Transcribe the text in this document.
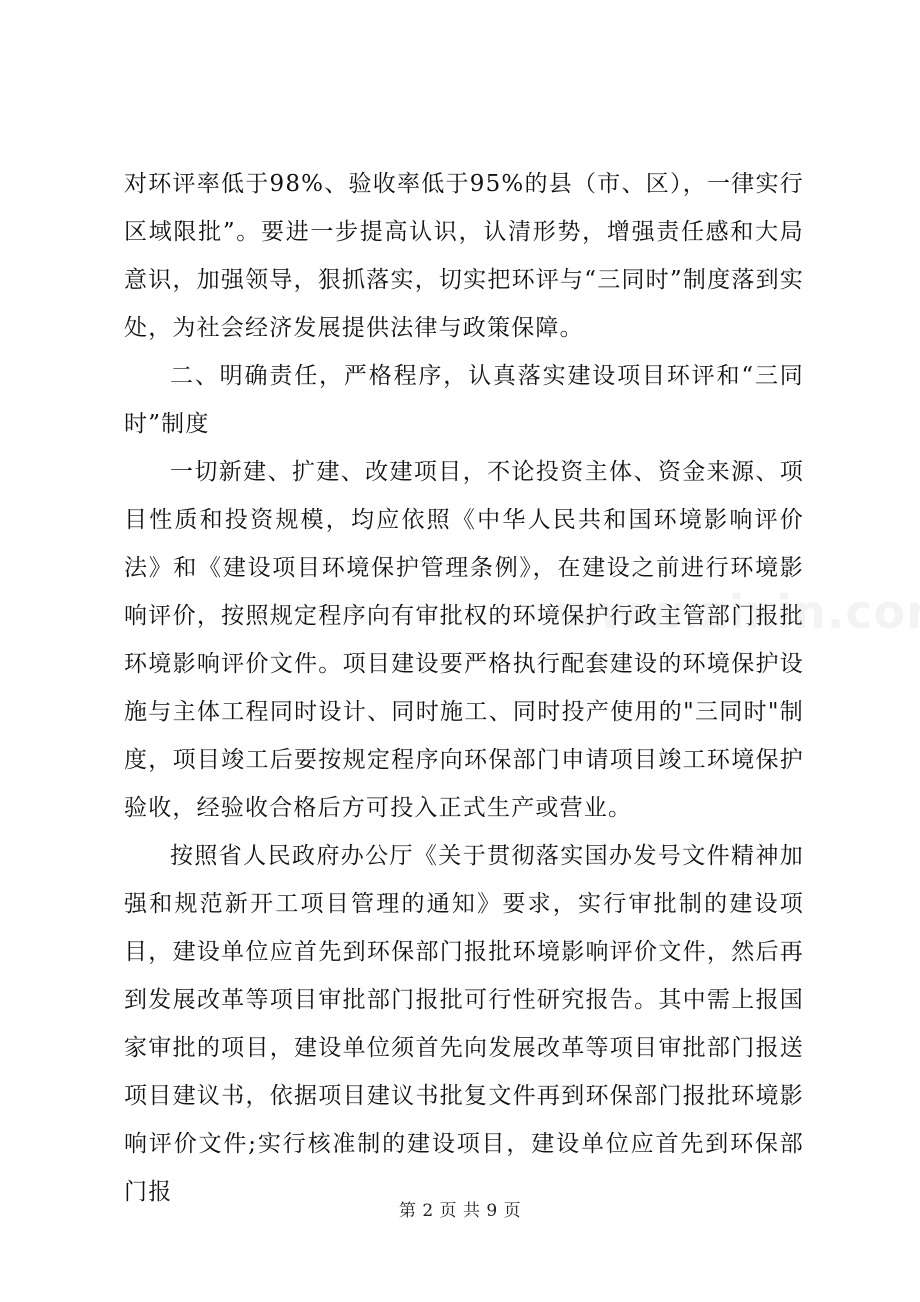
对环评率低于98%、验收率低于95%的县（市、区），一律实行区域限批”。要进一步提高认识，认清形势，增强责任感和大局意识，加强领导，狠抓落实，切实把环评与“三同时”制度落到实处，为社会经济发展提供法律与政策保障。

二、明确责任，严格程序，认真落实建设项目环评和“三同时”制度

一切新建、扩建、改建项目，不论投资主体、资金来源、项目性质和投资规模，均应依照《中华人民共和国环境影响评价法》和《建设项目环境保护管理条例》，在建设之前进行环境影响评价，按照规定程序向有审批权的环境保护行政主管部门报批环境影响评价文件。项目建设要严格执行配套建设的环境保护设施与主体工程同时设计、同时施工、同时投产使用的"三同时"制度，项目竣工后要按规定程序向环保部门申请项目竣工环境保护验收，经验收合格后方可投入正式生产或营业。

按照省人民政府办公厅《关于贯彻落实国办发号文件精神加强和规范新开工项目管理的通知》要求，实行审批制的建设项目，建设单位应首先到环保部门报批环境影响评价文件，然后再到发展改革等项目审批部门报批可行性研究报告。其中需上报国家审批的项目，建设单位须首先向发展改革等项目审批部门报送项目建议书，依据项目建议书批复文件再到环保部门报批环境影响评价文件;实行核准制的建设项目，建设单位应首先到环保部门报

第 2 页 共 9 页
